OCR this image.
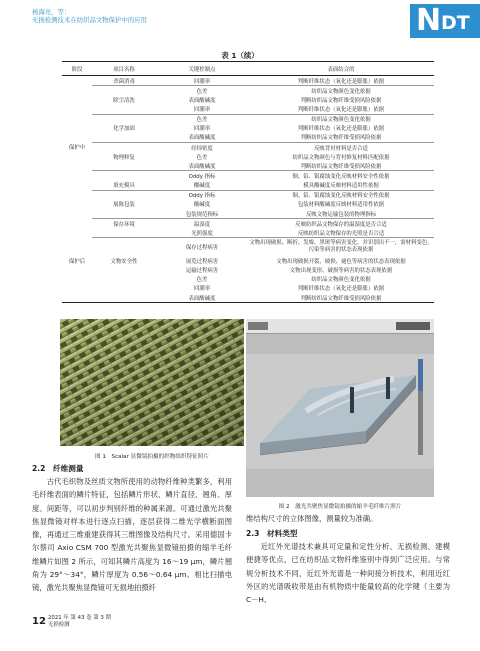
杨海亮，等：
无损检测技术在纺织品文物保护中的应用	N DT
表 1（续）
阶段	项目名称	关键控制点	表面结合的
	杀菌消毒	回潮率	判断纤维状态（氧化还是膨胀）依据
		色差	纺织品文物颜色变化依据
	除尘清洗	表面酸碱度	判断纺织品文物纤维受损风险依据
		回潮率	判断纤维状态（氧化还是膨胀）依据
		色差	纺织品文物颜色变化依据
	化学加固	回潮率	判断纤维状态（氧化还是膨胀）依据
		表面酸碱度	判断纺织品文物纤维受损风险依据
保护中		经纬密度	反映背衬材料是否合适
	物理修复	色差	纺织品文物颜色与背衬修复材料匹配依据
		表面酸碱度	判断纺织品文物纤维受损风险依据
		Oddy 指标	铜、铅、银腐蚀变化反映材料安全性依据
	填充模具	酸碱度	模具酸碱度反映材料适用性依据
		Oddy 指标	铜、铅、银腐蚀变化反映材料安全性依据
	展陈包装	酸碱度	包装材料酸碱度反映材料适用性依据
		包装规范指标	反映文物运输包装的物理指标
	保存环境	温湿度	反映纺织品文物保存的温湿度是否合适
		光照强度	反映纺织品文物保存的光照是否合适
		保存过程病害	文物出现破损、断折、发霉、黑斑等病害变化，并识别出不一，需材料变色，污染等病害的状态表现依据
保护后	文物安全性	展览过程病害	文物出现破损开裂、破损、褪色等病害的状态表现依据
		运输过程病害	文物出现变形、破损等病害的状态表现依据
		色差	纺织品文物颜色变化依据
		回潮率	判断纤维状态（氧化还是膨胀）依据
		表面酸碱度	判断纺织品文物纤维受损风险依据
图 1　Scalar 显微镜拍摄的织物组织特征照片
图 2　激光共聚焦显微镜拍摄的缩羊毛纤维片照片
2.2　纤维测量
古代毛织物及丝质文物所使用的动物纤维种类繁多，利用毛纤维表面的鳞片特征，包括鳞片形状、鳞片直径、翘角、厚度、间距等，可以初步判别纤维的种属来源。可通过激光共聚焦显微镜对样本进行逐点扫描，逐层获得二维光学横断面图像，再通过三维重建获得其三维图像及结构尺寸。采用德国卡尔蔡司 Axio CSM 700 型激光共聚焦显微镜拍摄的缩羊毛纤维鳞片如图 2 所示，可知其鳞片高度为 16～19 μm，鳞片翘角为 29°～34°，鳞片厚度为 0.56～0.64 μm。相比扫描电镜，激光共聚焦显微镜可无损地拍摄纤
维结构尺寸的立体图像，测量较为准确。
2.3　材料类型
近红外光谱技术兼具可定量和定性分析、无损检测、建模便捷等优点，已在纺织品文物纤维鉴别中得到广泛应用。与常规分析技术不同，近红外光谱是一种间接分析技术，利用近红外区的光谱吸收带是由有机物质中能量较高的化学键（主要为 C－H、
12 2021 年 第 43 卷 第 3 期
无损检测
